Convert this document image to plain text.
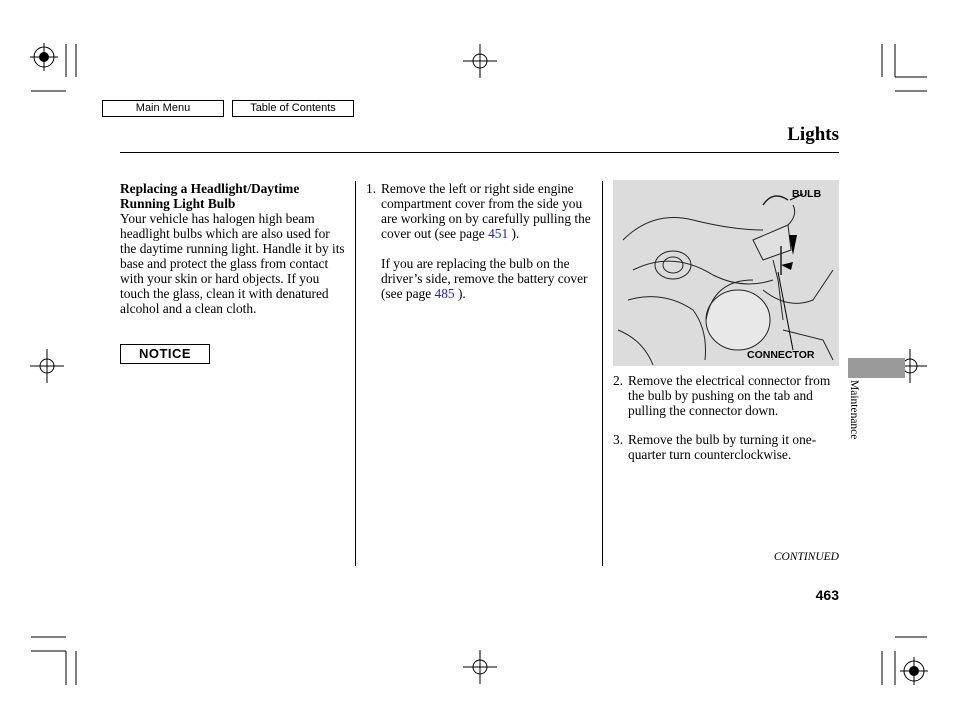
Main Menu	Table of Contents
Lights

Replacing a Headlight/Daytime Running Light Bulb

Your vehicle has halogen high beam headlight bulbs which are also used for the daytime running light. Handle it by its base and protect the glass from contact with your skin or hard objects. If you touch the glass, clean it with denatured alcohol and a clean cloth.

NOTICE
1. Remove the left or right side engine compartment cover from the side you are working on by carefully pulling the cover out (see page 451 ).
If you are replacing the bulb on the driver’s side, remove the battery cover (see page 485 ).
BULB
CONNECTOR
2. Remove the electrical connector from the bulb by pushing on the tab and pulling the connector down.
3. Remove the bulb by turning it one-quarter turn counterclockwise.
Maintenance
CONTINUED
463
